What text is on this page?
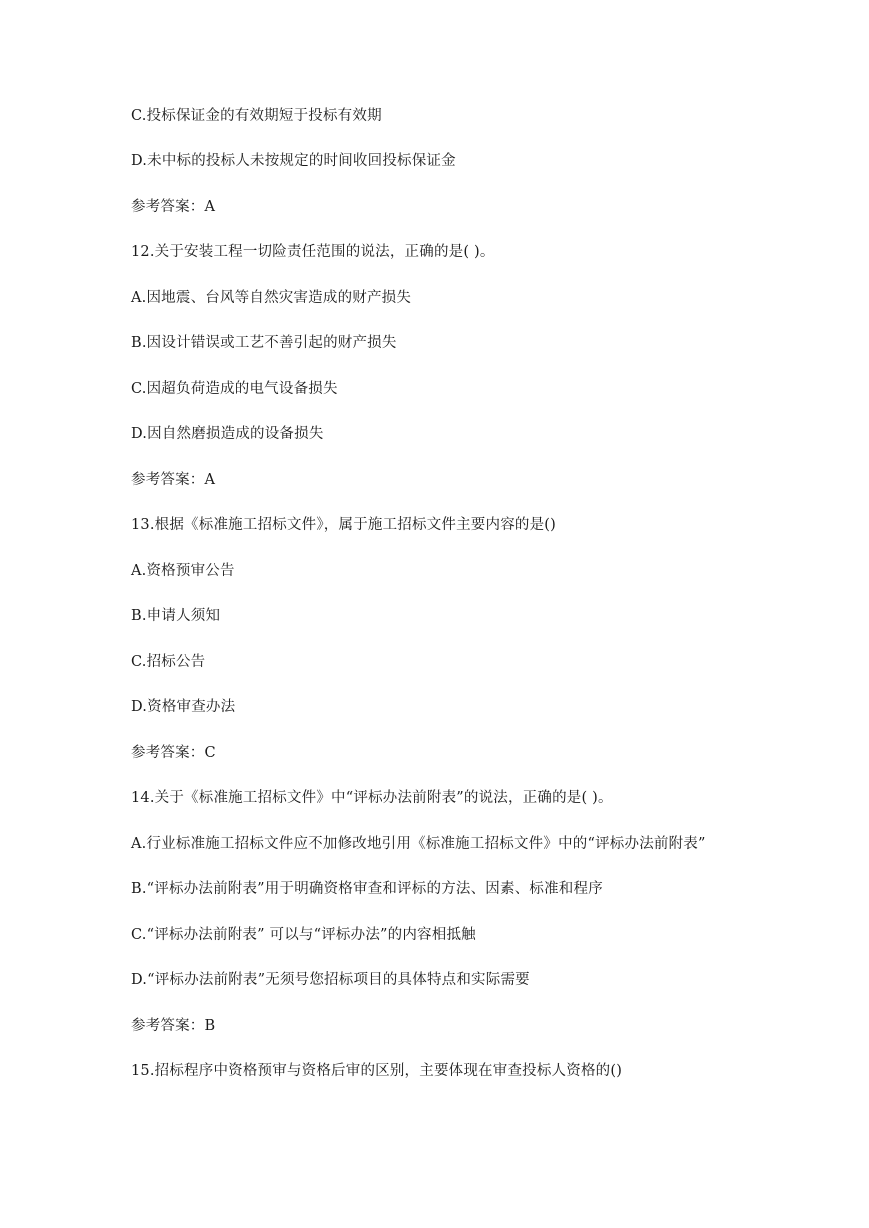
C.投标保证金的有效期短于投标有效期
D.未中标的投标人未按规定的时间收回投标保证金
参考答案：A
12.关于安装工程一切险责任范围的说法，正确的是( )。
A.因地震、台风等自然灾害造成的财产损失
B.因设计错误或工艺不善引起的财产损失
C.因超负荷造成的电气设备损失
D.因自然磨损造成的设备损失
参考答案：A
13.根据《标准施工招标文件》，属于施工招标文件主要内容的是()
A.资格预审公告
B.申请人须知
C.招标公告
D.资格审查办法
参考答案：C
14.关于《标准施工招标文件》中“评标办法前附表”的说法，正确的是( )。
A.行业标准施工招标文件应不加修改地引用《标准施工招标文件》中的“评标办法前附表”
B.“评标办法前附表”用于明确资格审查和评标的方法、因素、标准和程序
C.“评标办法前附表” 可以与“评标办法”的内容相抵触
D.“评标办法前附表”无须号您招标项目的具体特点和实际需要
参考答案：B
15.招标程序中资格预审与资格后审的区别，主要体现在审查投标人资格的()
